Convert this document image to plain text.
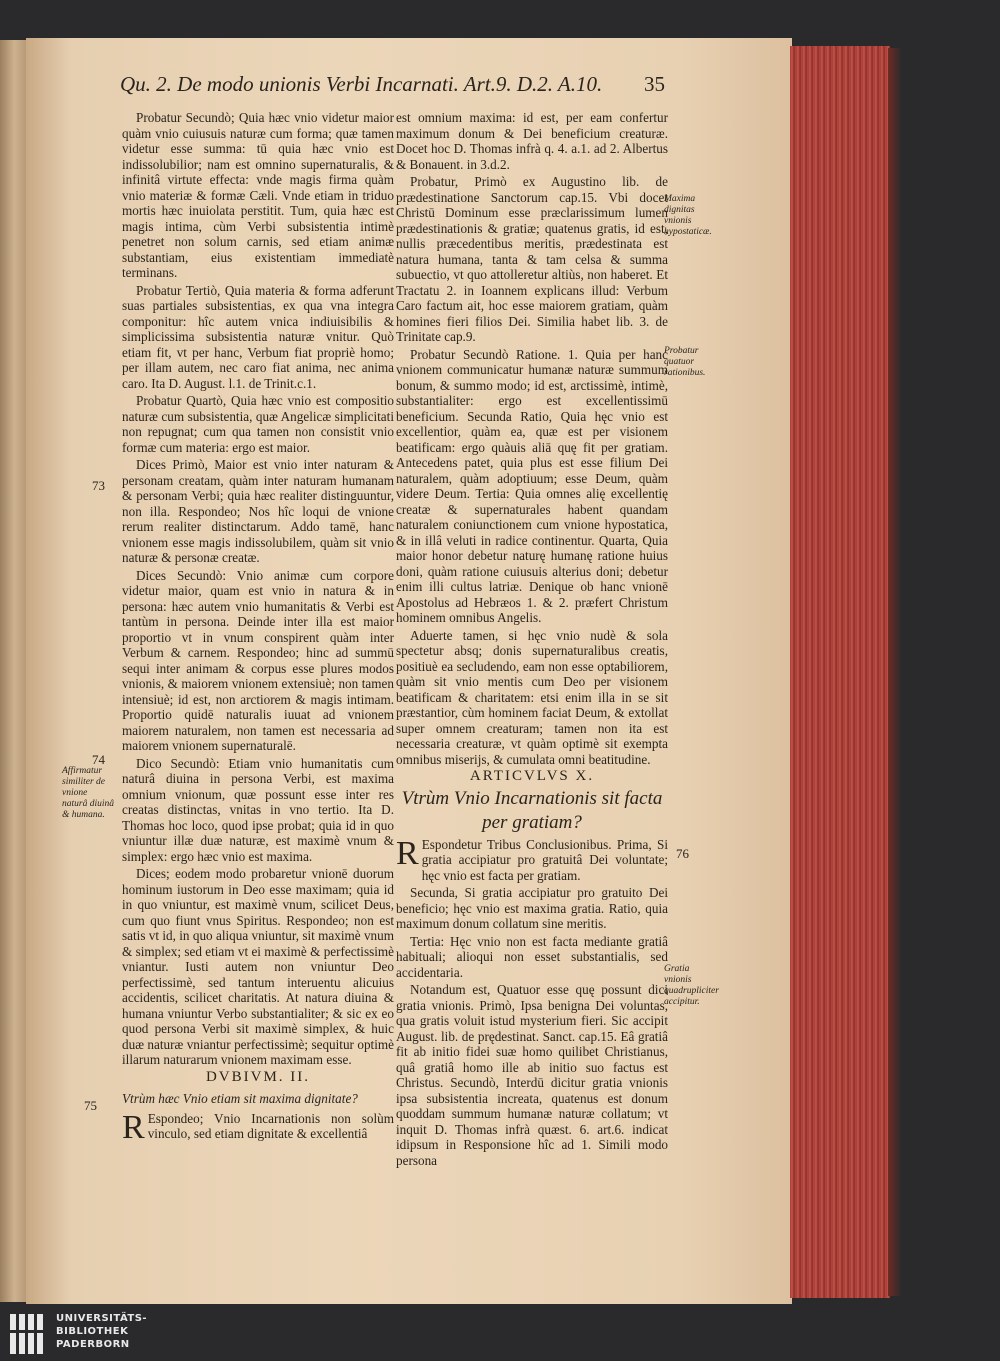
Qu. 2. De modo unionis Verbi Incarnati. Art.9. D.2. A.10. 35

Probatur Secundò; Quia hæc vnio videtur maior quàm vnio cuiusuis naturæ cum forma; quæ tamen videtur esse summa: tū quia hæc vnio est indissolubilior; nam est omnino supernaturalis, & infinitâ virtute effecta: vnde magis firma quàm vnio materiæ & formæ Cæli. Vnde etiam in triduo mortis hæc inuiolata perstitit. Tum, quia hæc est magis intima, cùm Verbi subsistentia intimè penetret non solum carnis, sed etiam animæ substantiam, eius existentiam immediatè terminans.

Probatur Tertiò, Quia materia & forma adferunt suas partiales subsistentias, ex qua vna integra componitur: hîc autem vnica indiuisibilis & simplicissima subsistentia naturæ vnitur. Quò etiam fit, vt per hanc, Verbum fiat propriè homo; per illam autem, nec caro fiat anima, nec anima caro. Ita D. August. l.1. de Trinit.c.1.

Probatur Quartò, Quia hæc vnio est compositio naturæ cum subsistentia, quæ Angelicæ simplicitati non repugnat; cum qua tamen non consistit vnio formæ cum materia: ergo est maior.

Dices Primò, Maior est vnio inter naturam & personam creatam, quàm inter naturam humanam & personam Verbi; quia hæc realiter distinguuntur, non illa. Respondeo; Nos hîc loqui de vnione rerum realiter distinctarum. Addo tamē, hanc vnionem esse magis indissolubilem, quàm sit vnio naturæ & personæ creatæ.

Dices Secundò: Vnio animæ cum corpore videtur maior, quam est vnio in natura & in persona: hæc autem vnio humanitatis & Verbi est tantùm in persona. Deinde inter illa est maior proportio vt in vnum conspirent quàm inter Verbum & carnem. Respondeo; hinc ad summū sequi inter animam & corpus esse plures modos vnionis, & maiorem vnionem extensiuè; non tamen intensiuè; id est, non arctiorem & magis intimam. Proportio quidē naturalis iuuat ad vnionem maiorem naturalem, non tamen est necessaria ad maiorem vnionem supernaturalē.

Dico Secundò: Etiam vnio humanitatis cum naturâ diuina in persona Verbi, est maxima omnium vnionum, quæ possunt esse inter res creatas distinctas, vnitas in vno tertio. Ita D. Thomas hoc loco, quod ipse probat; quia id in quo vniuntur illæ duæ naturæ, est maximè vnum & simplex: ergo hæc vnio est maxima.

Dices; eodem modo probaretur vnionē duorum hominum iustorum in Deo esse maximam; quia id in quo vniuntur, est maximè vnum, scilicet Deus, cum quo fiunt vnus Spiritus. Respondeo; non est satis vt id, in quo aliqua vniuntur, sit maximè vnum & simplex; sed etiam vt ei maximè & perfectissimè vniantur. Iusti autem non vniuntur Deo perfectissimè, sed tantum interuentu alicuius accidentis, scilicet charitatis. At natura diuina & humana vniuntur Verbo substantialiter; & sic ex eo quod persona Verbi sit maximè simplex, & huic duæ naturæ vniantur perfectissimè; sequitur optimè illarum naturarum vnionem maximam esse.

DVBIVM. II.

Vtrùm hæc Vnio etiam sit maxima dignitate?

R Espondeo; Vnio Incarnationis non solùm vinculo, sed etiam dignitate & excellentiâ

est omnium maxima: id est, per eam confertur maximum donum & Dei beneficium creaturæ. Docet hoc D. Thomas infrà q. 4. a.1. ad 2. Albertus & Bonauent. in 3.d.2.

Probatur, Primò ex Augustino lib. de prædestinatione Sanctorum cap.15. Vbi docet Christū Dominum esse præclarissimum lumen prædestinationis & gratiæ; quatenus gratis, id est, nullis præcedentibus meritis, prædestinata est natura humana, tanta & tam celsa & summa subuectio, vt quo attolleretur altiùs, non haberet. Et Tractatu 2. in Ioannem explicans illud: Verbum Caro factum ait, hoc esse maiorem gratiam, quàm homines fieri filios Dei. Similia habet lib. 3. de Trinitate cap.9.

Probatur Secundò Ratione. 1. Quia per hanc vnionem communicatur humanæ naturæ summum bonum, & summo modo; id est, arctissimè, intimè, substantialiter: ergo est excellentissimū beneficium. Secunda Ratio, Quia hęc vnio est excellentior, quàm ea, quæ est per visionem beatificam: ergo quàuis aliā quę fit per gratiam. Antecedens patet, quia plus est esse filium Dei naturalem, quàm adoptiuum; esse Deum, quàm videre Deum. Tertia: Quia omnes alię excellentię creatæ & supernaturales habent quandam naturalem coniunctionem cum vnione hypostatica, & in illâ veluti in radice continentur. Quarta, Quia maior honor debetur naturę humanę ratione huius doni, quàm ratione cuiusuis alterius doni; debetur enim illi cultus latriæ. Denique ob hanc vnionē Apostolus ad Hebræos 1. & 2. præfert Christum hominem omnibus Angelis.

Aduerte tamen, si hęc vnio nudè & sola spectetur absq; donis supernaturalibus creatis, positiuè ea secludendo, eam non esse optabiliorem, quàm sit vnio mentis cum Deo per visionem beatificam & charitatem: etsi enim illa in se sit præstantior, cùm hominem faciat Deum, & extollat super omnem creaturam; tamen non ita est necessaria creaturæ, vt quàm optimè sit exempta omnibus miserijs, & cumulata omni beatitudine.

ARTICVLVS X.

Vtrùm Vnio Incarnationis sit facta per gratiam?

R Espondetur Tribus Conclusionibus. Prima, Si gratia accipiatur pro gratuitâ Dei voluntate; hęc vnio est facta per gratiam.

Secunda, Si gratia accipiatur pro gratuito Dei beneficio; hęc vnio est maxima gratia. Ratio, quia maximum donum collatum sine meritis.

Tertia: Hęc vnio non est facta mediante gratiâ habituali; alioqui non esset substantialis, sed accidentaria.

Notandum est, Quatuor esse quę possunt dici gratia vnionis. Primò, Ipsa benigna Dei voluntas, qua gratis voluit istud mysterium fieri. Sic accipit August. lib. de prędestinat. Sanct. cap.15. Eâ gratiâ fit ab initio fidei suæ homo quilibet Christianus, quâ gratiâ homo ille ab initio suo factus est Christus. Secundò, Interdū dicitur gratia vnionis ipsa subsistentia increata, quatenus est donum quoddam summum humanæ naturæ collatum; vt inquit D. Thomas infrà quæst. 6. art.6. indicat idipsum in Responsione hîc ad 1. Simili modo persona

73
74
75
76
Affirmatur similiter de vnione naturâ diuinâ & humana.
Maxima dignitas vnionis hypostaticæ.
Probatur quatuor rationibus.
Gratia vnionis quadrupliciter accipitur.
UNIVERSITÄTS-
BIBLIOTHEK
PADERBORN
